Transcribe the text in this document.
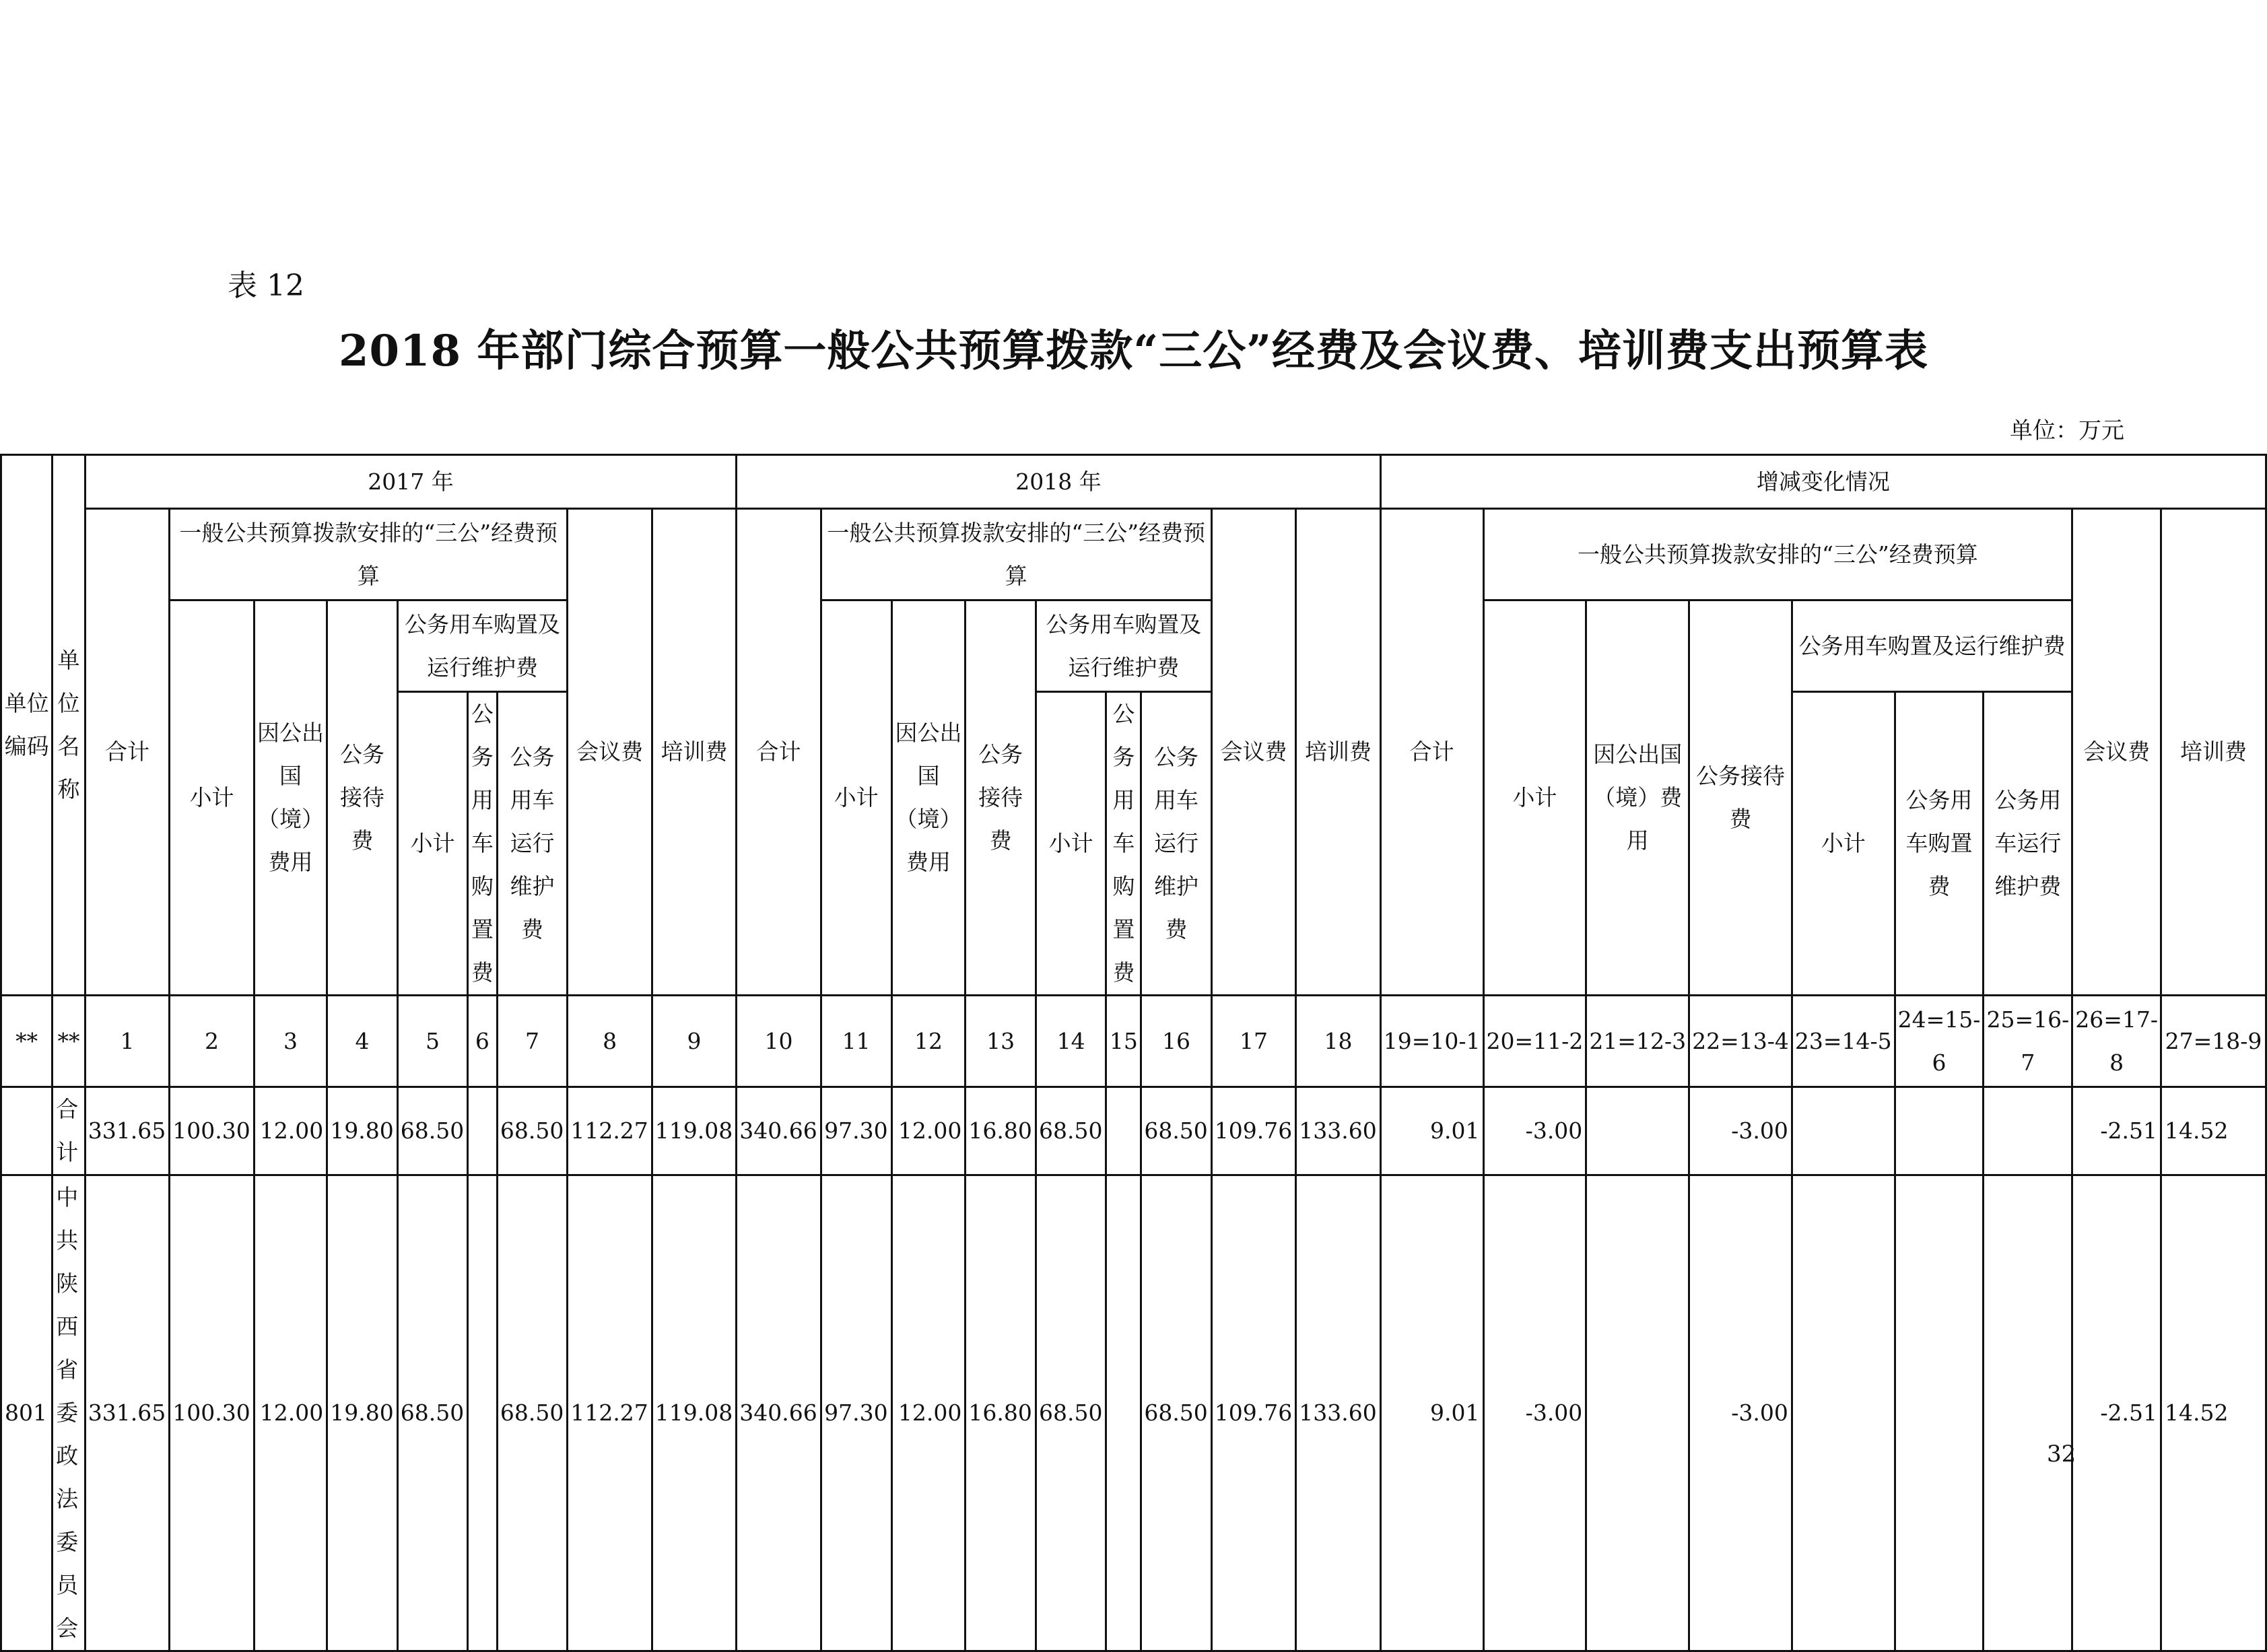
表 12
2018 年部门综合预算一般公共预算拨款“三公”经费及会议费、培训费支出预算表
单位：万元
单位编码	单位名称	2017 年									2018 年									增减变化情况								
		合计	一般公共预算拨款安排的“三公”经费预算						会议费	培训费	合计	一般公共预算拨款安排的“三公”经费预算						会议费	培训费	合计	一般公共预算拨款安排的“三公”经费预算						会议费	培训费
			小计	因公出国（境）费用	公务接待费	公务用车购置及运行维护费						小计	因公出国（境）费用	公务接待费	公务用车购置及运行维护费						小计	因公出国（境）费用	公务接待费	公务用车购置及运行维护费				
						小计	公务用车购置费	公务用车运行维护费							小计	公务用车购置费	公务用车运行维护费							小计	公务用车购置费	公务用车运行维护费		

**	**	1	2	3	4	5	6	7	8	9	10	11	12	13	14	15	16	17	18	19=10-1	20=11-2	21=12-3	22=13-4	23=14-5	24=15-6	25=16-7	26=17-8	27=18-9
	合计	331.65	100.30	12.00	19.80	68.50		68.50	112.27	119.08	340.66	97.30	12.00	16.80	68.50		68.50	109.76	133.60	9.01	-3.00		-3.00				-2.51	14.52
801	中共陕西省委政法委员会	331.65	100.30	12.00	19.80	68.50		68.50	112.27	119.08	340.66	97.30	12.00	16.80	68.50		68.50	109.76	133.60	9.01	-3.00		-3.00				-2.51	14.52
32
